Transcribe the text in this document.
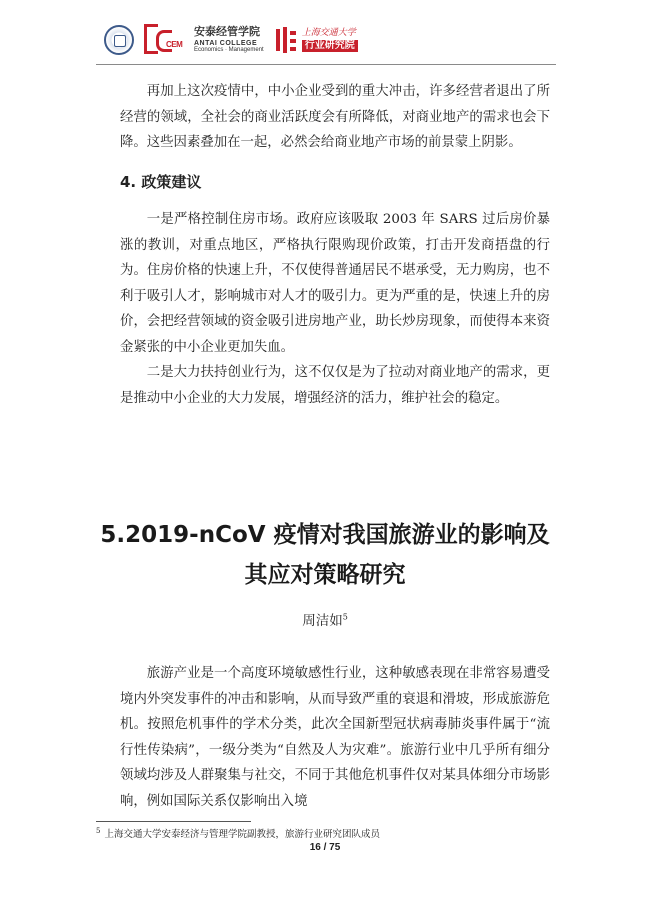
CEM
安泰经管学院
ANTAI COLLEGE
Economics · Management
上海交通大学
行业研究院

再加上这次疫情中，中小企业受到的重大冲击，许多经营者退出了所经营的领域，全社会的商业活跃度会有所降低，对商业地产的需求也会下降。这些因素叠加在一起，必然会给商业地产市场的前景蒙上阴影。

4. 政策建议

一是严格控制住房市场。政府应该吸取 2003 年 SARS 过后房价暴涨的教训，对重点地区，严格执行限购现价政策，打击开发商捂盘的行为。住房价格的快速上升，不仅使得普通居民不堪承受，无力购房，也不利于吸引人才，影响城市对人才的吸引力。更为严重的是，快速上升的房价，会把经营领域的资金吸引进房地产业，助长炒房现象，而使得本来资金紧张的中小企业更加失血。

二是大力扶持创业行为，这不仅仅是为了拉动对商业地产的需求，更是推动中小企业的大力发展，增强经济的活力，维护社会的稳定。

5.2019-nCoV 疫情对我国旅游业的影响及其应对策略研究

周洁如$^5$

旅游产业是一个高度环境敏感性行业，这种敏感表现在非常容易遭受境内外突发事件的冲击和影响，从而导致严重的衰退和滑坡，形成旅游危机。按照危机事件的学术分类，此次全国新型冠状病毒肺炎事件属于“流行性传染病”，一级分类为“自然及人为灾难”。旅游行业中几乎所有细分领域均涉及人群聚集与社交，不同于其他危机事件仅对某具体细分市场影响，例如国际关系仅影响出入境

$^5$ 上海交通大学安泰经济与管理学院副教授，旅游行业研究团队成员

16 / 75
